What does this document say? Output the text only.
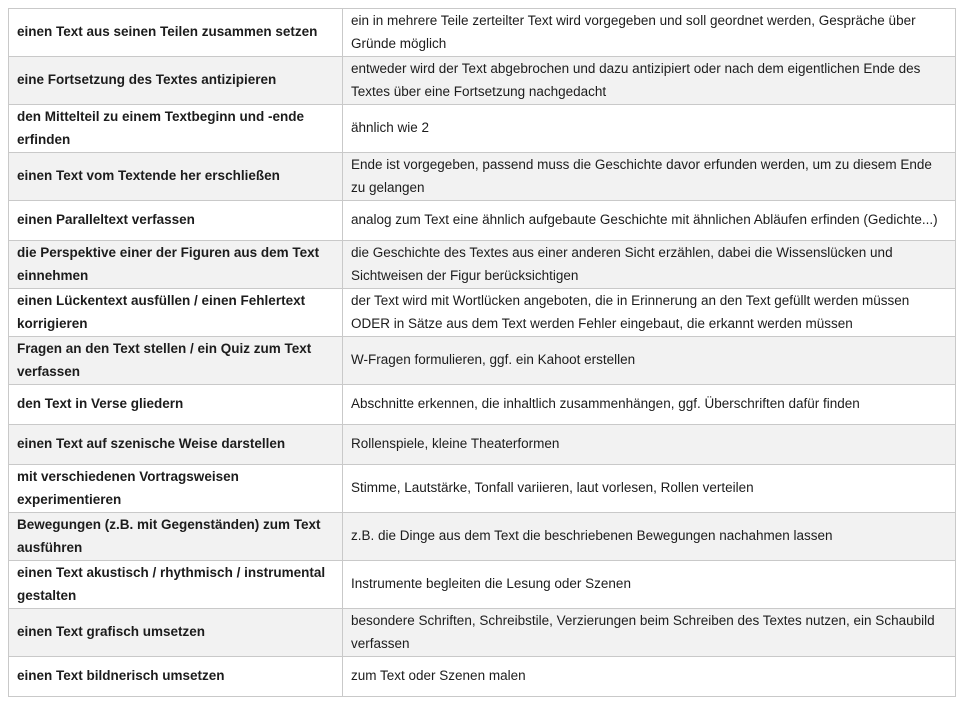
einen Text aus seinen Teilen zusammen setzen	ein in mehrere Teile zerteilter Text wird vorgegeben und soll geordnet werden, Gespräche über Gründe möglich
eine Fortsetzung des Textes antizipieren	entweder wird der Text abgebrochen und dazu antizipiert oder nach dem eigentlichen Ende des Textes über eine Fortsetzung nachgedacht
den Mittelteil zu einem Textbeginn und -ende erfinden	ähnlich wie 2
einen Text vom Textende her erschließen	Ende ist vorgegeben, passend muss die Geschichte davor erfunden werden, um zu diesem Ende zu gelangen
einen Paralleltext verfassen	analog zum Text eine ähnlich aufgebaute Geschichte mit ähnlichen Abläufen erfinden (Gedichte...)
die Perspektive einer der Figuren aus dem Text einnehmen	die Geschichte des Textes aus einer anderen Sicht erzählen, dabei die Wissenslücken und Sichtweisen der Figur berücksichtigen
einen Lückentext ausfüllen / einen Fehlertext korrigieren	der Text wird mit Wortlücken angeboten, die in Erinnerung an den Text gefüllt werden müssen ODER in Sätze aus dem Text werden Fehler eingebaut, die erkannt werden müssen
Fragen an den Text stellen / ein Quiz zum Text verfassen	W-Fragen formulieren, ggf. ein Kahoot erstellen
den Text in Verse gliedern	Abschnitte erkennen, die inhaltlich zusammenhängen, ggf. Überschriften dafür finden
einen Text auf szenische Weise darstellen	Rollenspiele, kleine Theaterformen
mit verschiedenen Vortragsweisen experimentieren	Stimme, Lautstärke, Tonfall variieren, laut vorlesen, Rollen verteilen
Bewegungen (z.B. mit Gegenständen) zum Text ausführen	z.B. die Dinge aus dem Text die beschriebenen Bewegungen nachahmen lassen
einen Text akustisch / rhythmisch / instrumental gestalten	Instrumente begleiten die Lesung oder Szenen
einen Text grafisch umsetzen	besondere Schriften, Schreibstile, Verzierungen beim Schreiben des Textes nutzen, ein Schaubild verfassen
einen Text bildnerisch umsetzen	zum Text oder Szenen malen
